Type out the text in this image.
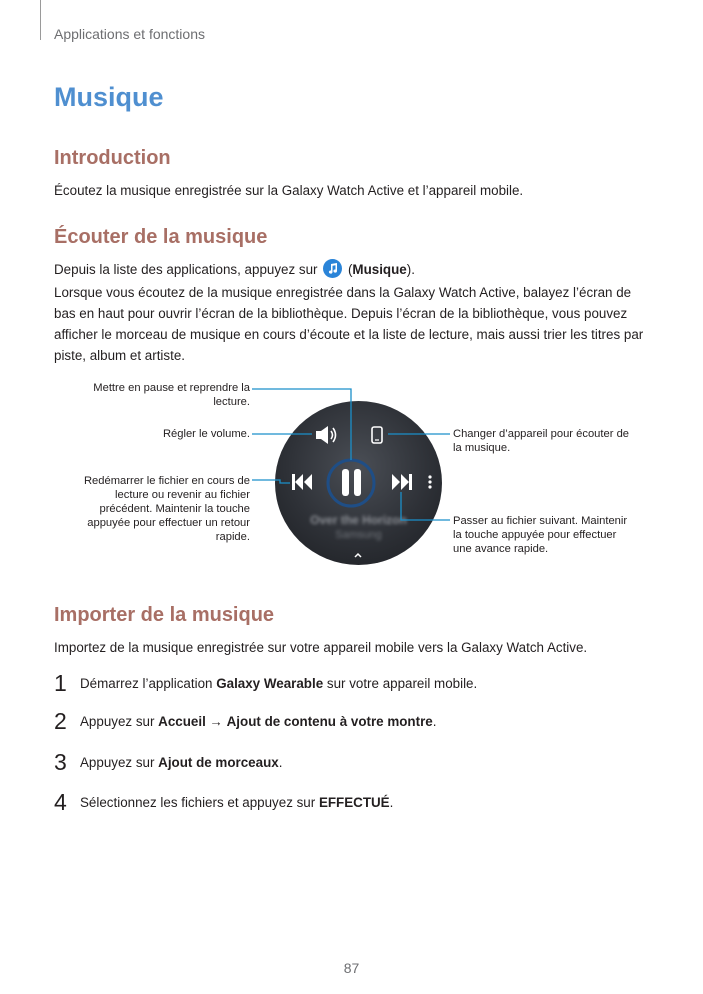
Applications et fonctions
Musique
Introduction
Écoutez la musique enregistrée sur la Galaxy Watch Active et l’appareil mobile.
Écouter de la musique
Depuis la liste des applications, appuyez sur
(Musique).
Lorsque vous écoutez de la musique enregistrée dans la Galaxy Watch Active, balayez l’écran de bas en haut pour ouvrir l’écran de la bibliothèque. Depuis l’écran de la bibliothèque, vous pouvez afficher le morceau de musique en cours d’écoute et la liste de lecture, mais aussi trier les titres par piste, album et artiste.
Mettre en pause et reprendre la lecture.
Régler le volume.
Redémarrer le fichier en cours de lecture ou revenir au fichier précédent. Maintenir la touche appuyée pour effectuer un retour rapide.
Changer d’appareil pour écouter de la musique.
Passer au fichier suivant. Maintenir la touche appuyée pour effectuer une avance rapide.
Over the Horizon
Samsung
Importer de la musique
Importez de la musique enregistrée sur votre appareil mobile vers la Galaxy Watch Active.
1 Démarrez l’application Galaxy Wearable sur votre appareil mobile.
2 Appuyez sur Accueil → Ajout de contenu à votre montre.
3 Appuyez sur Ajout de morceaux.
4 Sélectionnez les fichiers et appuyez sur EFFECTUÉ.
87
